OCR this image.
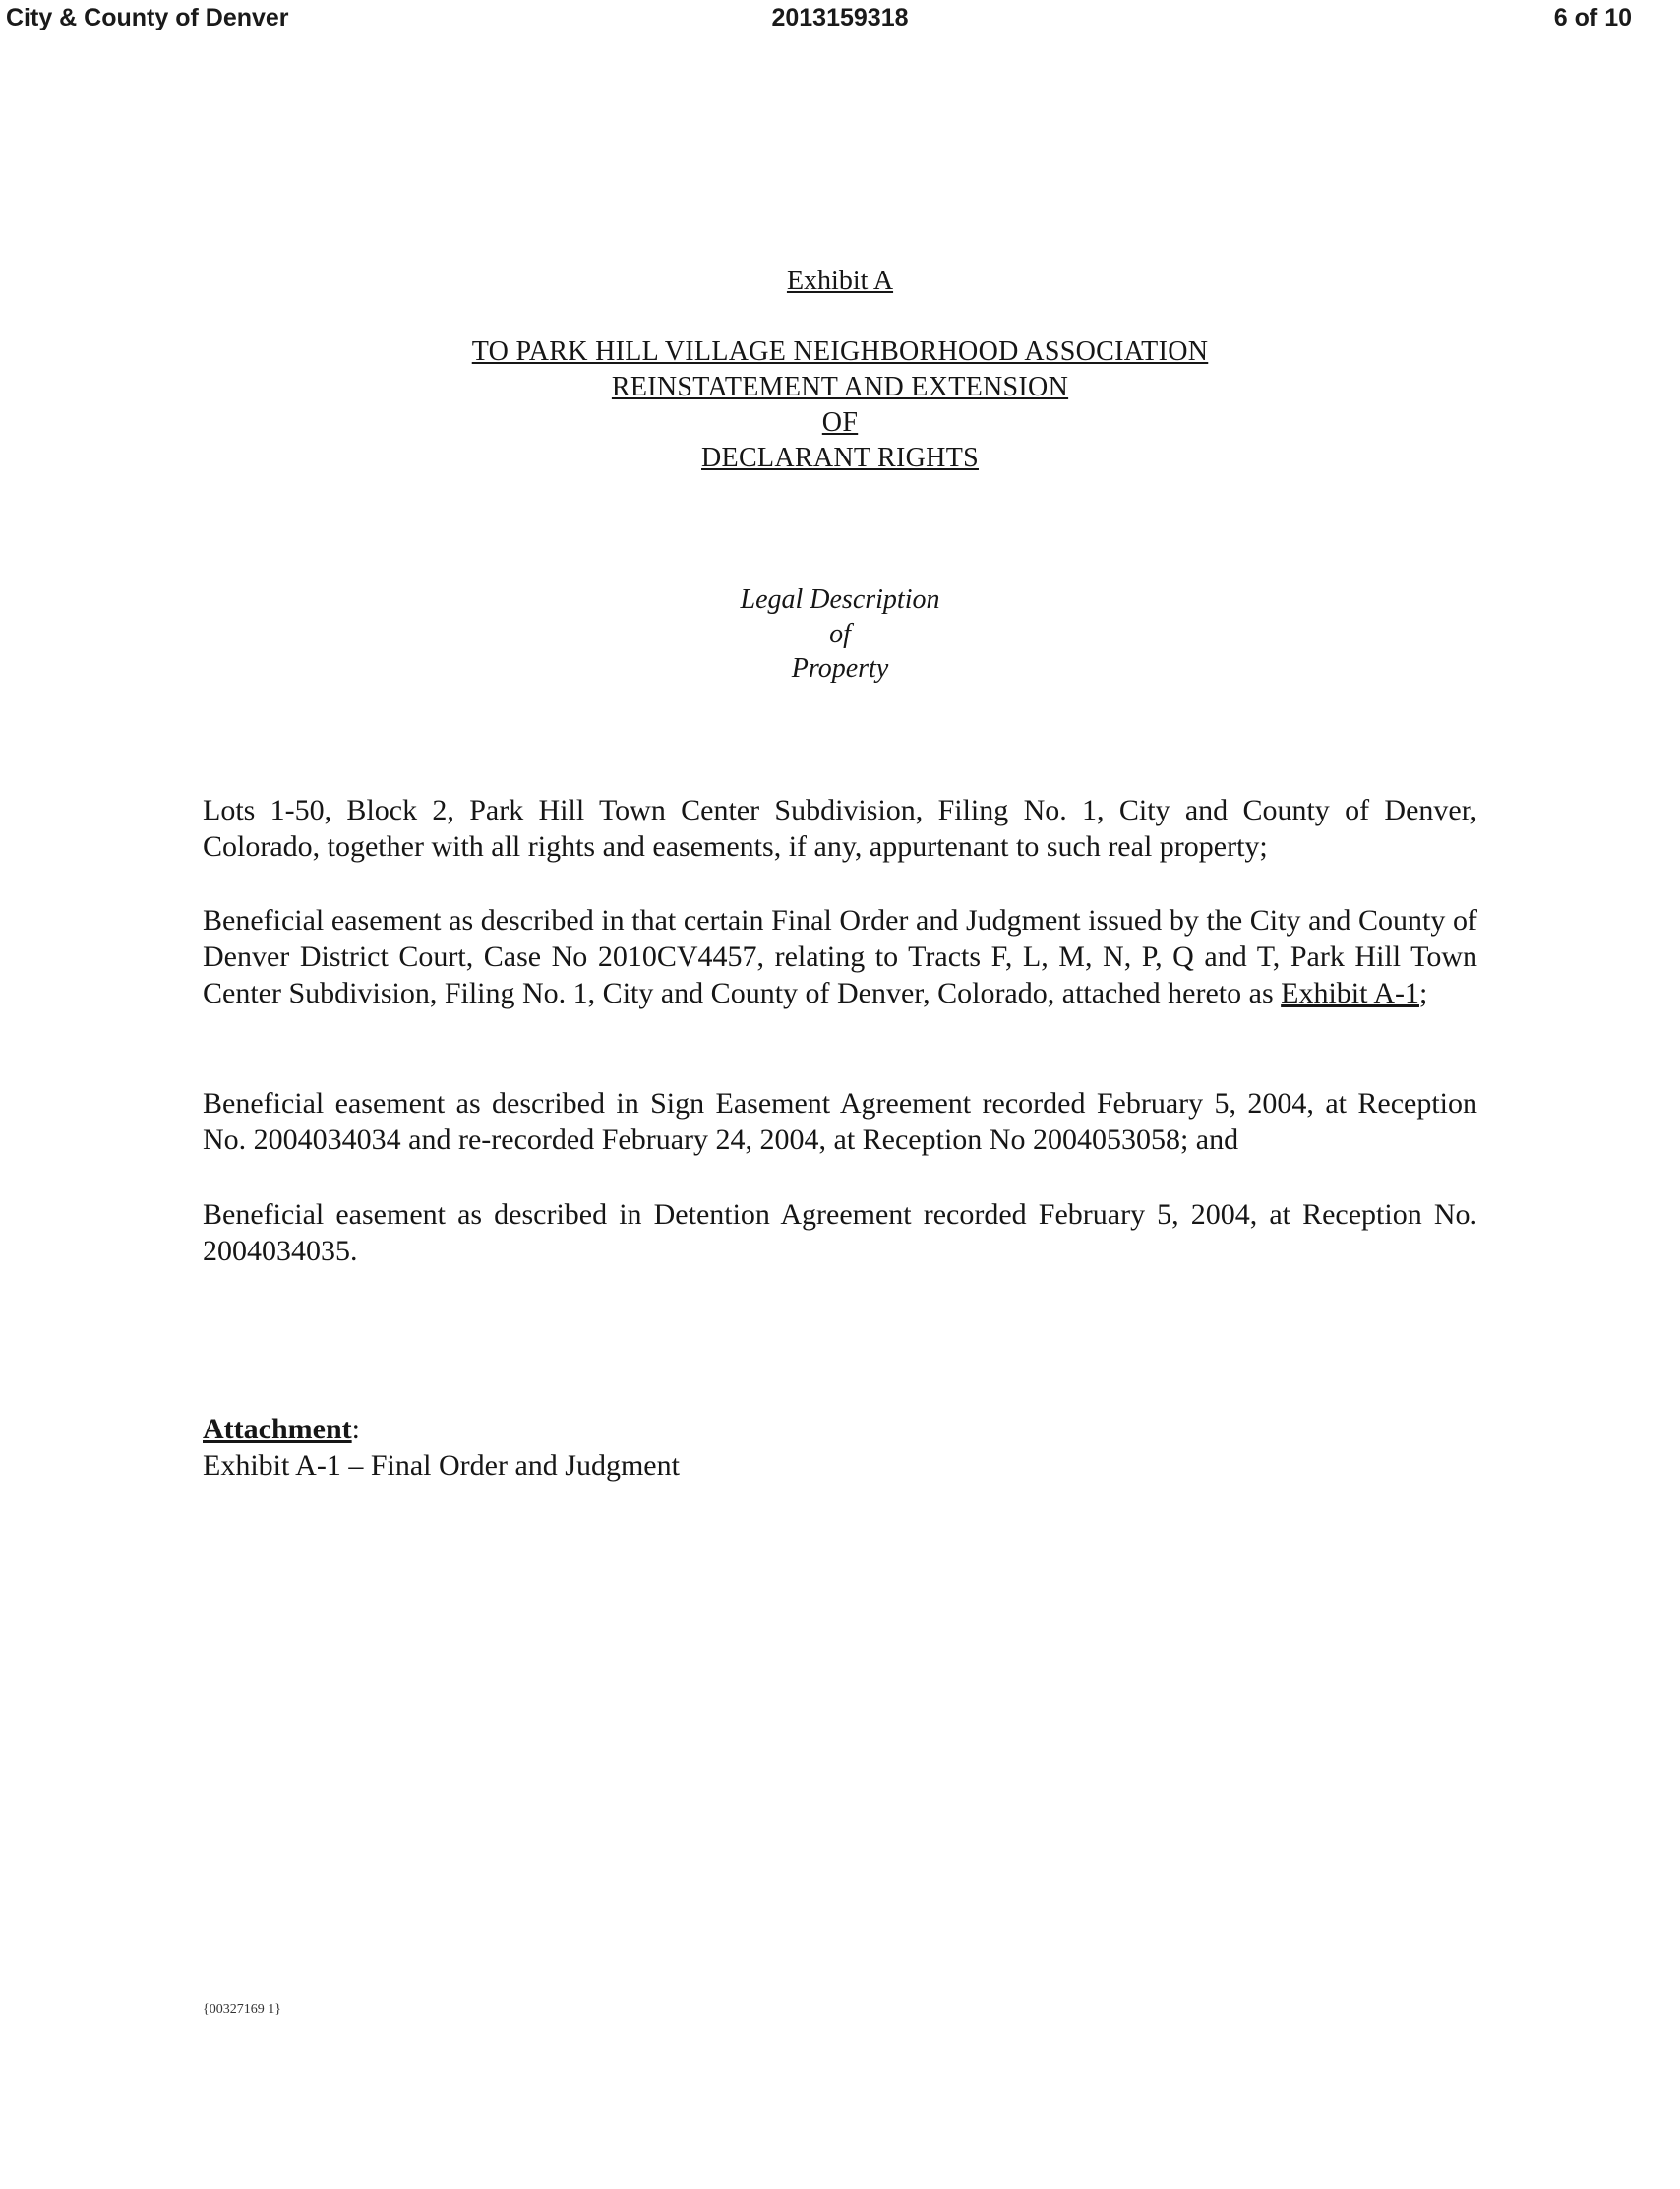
City & County of Denver	2013159318	6 of 10
Exhibit A
TO PARK HILL VILLAGE NEIGHBORHOOD ASSOCIATION
REINSTATEMENT AND EXTENSION
OF
DECLARANT RIGHTS
Legal Description
of
Property
Lots 1-50, Block 2, Park Hill Town Center Subdivision, Filing No. 1, City and County of Denver, Colorado, together with all rights and easements, if any, appurtenant to such real property;
Beneficial easement as described in that certain Final Order and Judgment issued by the City and County of Denver District Court, Case No 2010CV4457, relating to Tracts F, L, M, N, P, Q and T, Park Hill Town Center Subdivision, Filing No. 1, City and County of Denver, Colorado, attached hereto as Exhibit A-1;
Beneficial easement as described in Sign Easement Agreement recorded February 5, 2004, at Reception No. 2004034034 and re-recorded February 24, 2004, at Reception No 2004053058; and
Beneficial easement as described in Detention Agreement recorded February 5, 2004, at Reception No. 2004034035.
Attachment:
Exhibit A-1 – Final Order and Judgment
{00327169 1}
